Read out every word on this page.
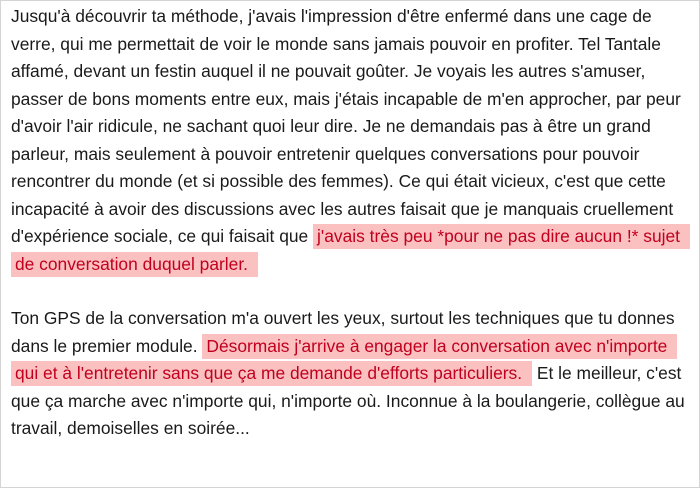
Jusqu'à découvrir ta méthode, j'avais l'impression d'être enfermé dans une cage de verre, qui me permettait de voir le monde sans jamais pouvoir en profiter. Tel Tantale affamé, devant un festin auquel il ne pouvait goûter. Je voyais les autres s'amuser, passer de bons moments entre eux, mais j'étais incapable de m'en approcher, par peur d'avoir l'air ridicule, ne sachant quoi leur dire. Je ne demandais pas à être un grand parleur, mais seulement à pouvoir entretenir quelques conversations pour pouvoir rencontrer du monde (et si possible des femmes). Ce qui était vicieux, c'est que cette incapacité à avoir des discussions avec les autres faisait que je manquais cruellement d'expérience sociale, ce qui faisait que j'avais très peu *pour ne pas dire aucun !* sujet de conversation duquel parler.

Ton GPS de la conversation m'a ouvert les yeux, surtout les techniques que tu donnes dans le premier module. Désormais j'arrive à engager la conversation avec n'importe qui et à l'entretenir sans que ça me demande d'efforts particuliers. Et le meilleur, c'est que ça marche avec n'importe qui, n'importe où. Inconnue à la boulangerie, collègue au travail, demoiselles en soirée...
